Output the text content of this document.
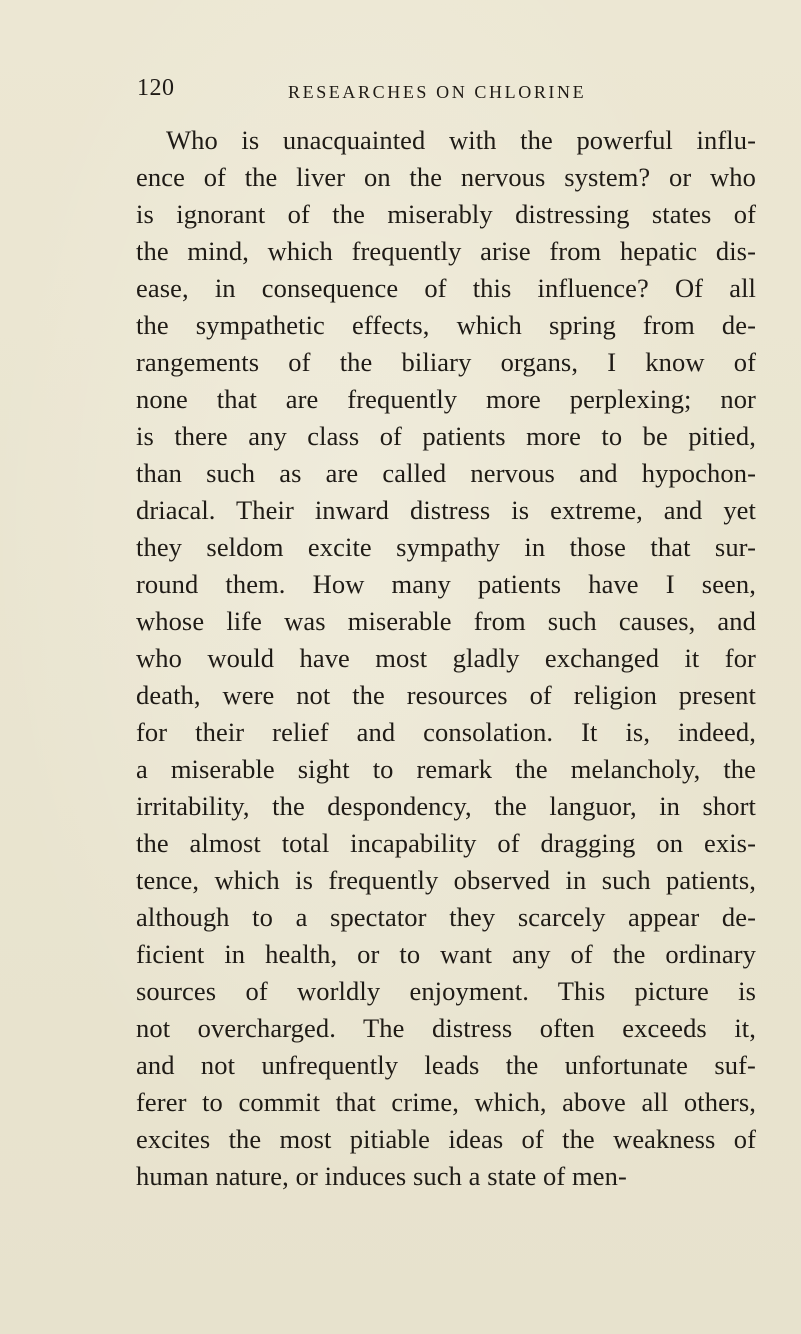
120	RESEARCHES ON CHLORINE
Who is unacquainted with the powerful influ-
ence of the liver on the nervous system? or who
is ignorant of the miserably distressing states of
the mind, which frequently arise from hepatic dis-
ease, in consequence of this influence? Of all
the sympathetic effects, which spring from de-
rangements of the biliary organs, I know of
none that are frequently more perplexing; nor
is there any class of patients more to be pitied,
than such as are called nervous and hypochon-
driacal. Their inward distress is extreme, and yet
they seldom excite sympathy in those that sur-
round them. How many patients have I seen,
whose life was miserable from such causes, and
who would have most gladly exchanged it for
death, were not the resources of religion present
for their relief and consolation. It is, indeed,
a miserable sight to remark the melancholy, the
irritability, the despondency, the languor, in short
the almost total incapability of dragging on exis-
tence, which is frequently observed in such patients,
although to a spectator they scarcely appear de-
ficient in health, or to want any of the ordinary
sources of worldly enjoyment. This picture is
not overcharged. The distress often exceeds it,
and not unfrequently leads the unfortunate suf-
ferer to commit that crime, which, above all others,
excites the most pitiable ideas of the weakness of
human nature, or induces such a state of men-
